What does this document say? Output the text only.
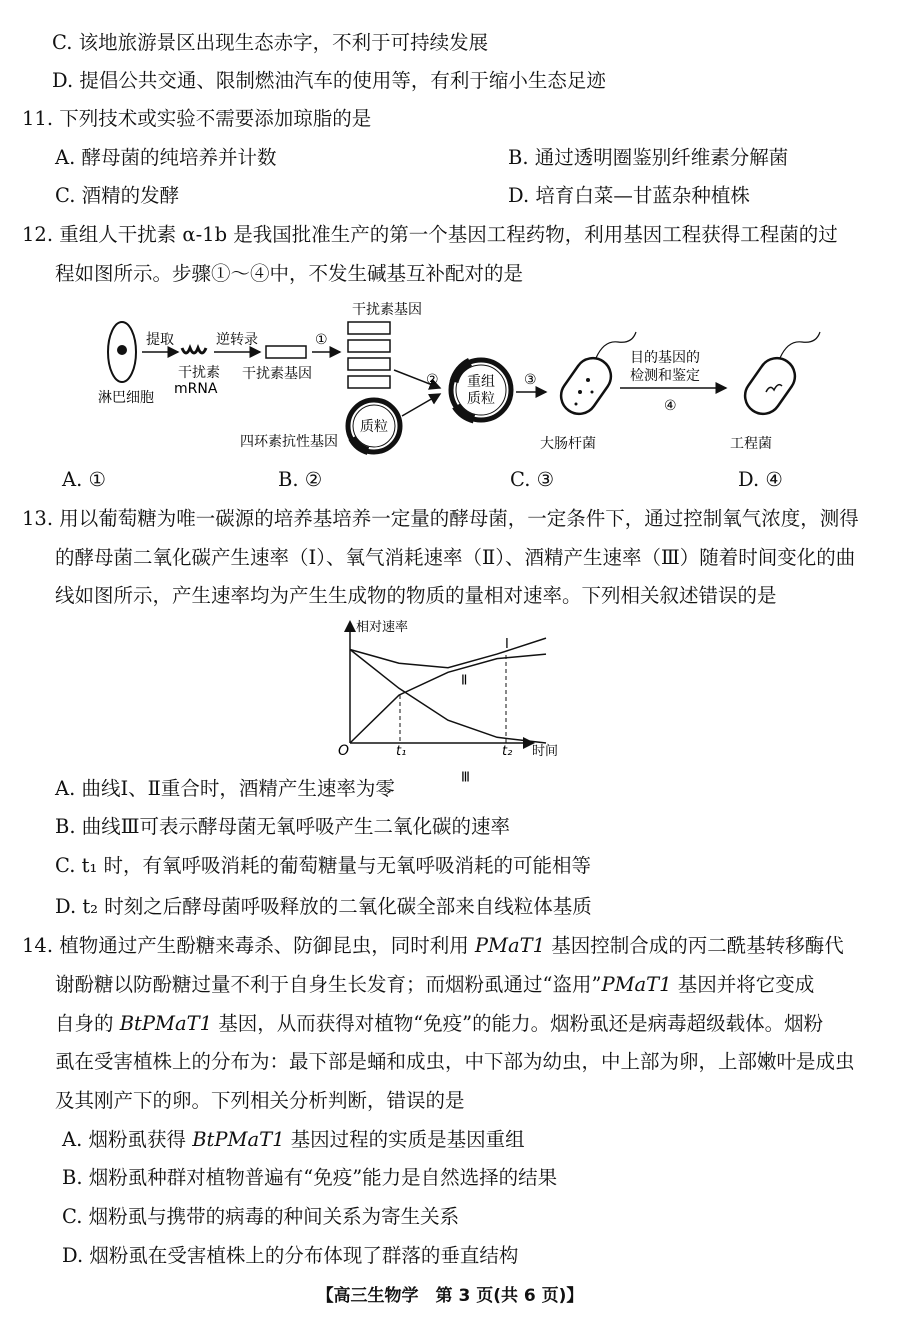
C. 该地旅游景区出现生态赤字，不利于可持续发展
D. 提倡公共交通、限制燃油汽车的使用等，有利于缩小生态足迹
11. 下列技术或实验不需要添加琼脂的是
A. 酵母菌的纯培养并计数	B. 通过透明圈鉴别纤维素分解菌
C. 酒精的发酵	D. 培育白菜—甘蓝杂种植株
12. 重组人干扰素 α-1b 是我国批准生产的第一个基因工程药物，利用基因工程获得工程菌的过
程如图所示。步骤①～④中，不发生碱基互补配对的是
淋巴细胞
提取
干扰素
mRNA
逆转录
干扰素基因
①
干扰素基因
质粒
四环素抗性基因
② 重组
质粒
③
大肠杆菌
目的基因的
检测和鉴定
④
工程菌
A. ①	B. ②	C. ③	D. ④
13. 用以葡萄糖为唯一碳源的培养基培养一定量的酵母菌，一定条件下，通过控制氧气浓度，测得
的酵母菌二氧化碳产生速率（Ⅰ）、氧气消耗速率（Ⅱ）、酒精产生速率（Ⅲ）随着时间变化的曲
线如图所示，产生速率均为产生生成物的物质的量相对速率。下列相关叙述错误的是
相对速率
时间
O	t₁	t₂
Ⅰ
Ⅱ
Ⅲ
A. 曲线Ⅰ、Ⅱ重合时，酒精产生速率为零
B. 曲线Ⅲ可表示酵母菌无氧呼吸产生二氧化碳的速率
C. t₁ 时，有氧呼吸消耗的葡萄糖量与无氧呼吸消耗的可能相等
D. t₂ 时刻之后酵母菌呼吸释放的二氧化碳全部来自线粒体基质
14. 植物通过产生酚糖来毒杀、防御昆虫，同时利用 PMaT1 基因控制合成的丙二酰基转移酶代
谢酚糖以防酚糖过量不利于自身生长发育；而烟粉虱通过“盗用”PMaT1 基因并将它变成
自身的 BtPMaT1 基因，从而获得对植物“免疫”的能力。烟粉虱还是病毒超级载体。烟粉
虱在受害植株上的分布为：最下部是蛹和成虫，中下部为幼虫，中上部为卵，上部嫩叶是成虫
及其刚产下的卵。下列相关分析判断，错误的是
A. 烟粉虱获得 BtPMaT1 基因过程的实质是基因重组
B. 烟粉虱种群对植物普遍有“免疫”能力是自然选择的结果
C. 烟粉虱与携带的病毒的种间关系为寄生关系
D. 烟粉虱在受害植株上的分布体现了群落的垂直结构
【高三生物学　第 3 页(共 6 页)】
